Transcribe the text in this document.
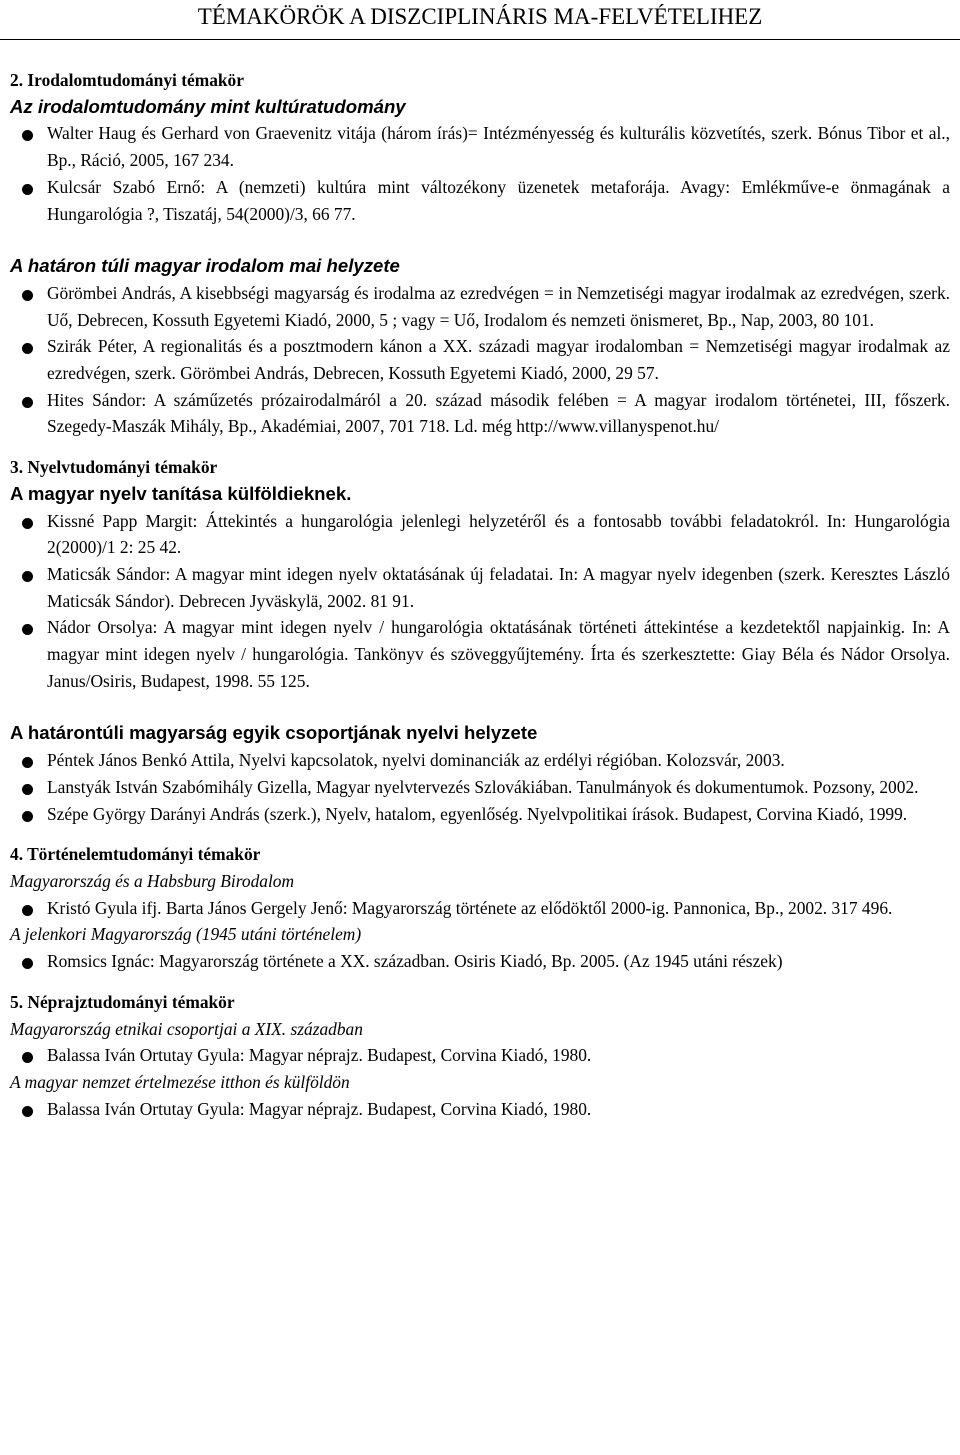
TÉMAKÖRÖK A DISZCIPLINÁRIS MA-FELVÉTELIHEZ

2. Irodalomtudományi témakör

Az irodalomtudomány mint kultúratudomány

Walter Haug és Gerhard von Graevenitz vitája (három írás)= Intézményesség és kulturális közvetítés, szerk. Bónus Tibor et al., Bp., Ráció, 2005, 167 234.

Kulcsár Szabó Ernő: A (nemzeti) kultúra mint változékony üzenetek metaforája. Avagy: Emlékműve-e önmagának a Hungarológia ?, Tiszatáj, 54(2000)/3, 66 77.

A határon túli magyar irodalom mai helyzete

Görömbei András, A kisebbségi magyarság és irodalma az ezredvégen = in Nemzetiségi magyar irodalmak az ezredvégen, szerk. Uő, Debrecen, Kossuth Egyetemi Kiadó, 2000, 5 ; vagy = Uő, Irodalom és nemzeti önismeret, Bp., Nap, 2003, 80 101.

Szirák Péter, A regionalitás és a posztmodern kánon a XX. századi magyar irodalomban = Nemzetiségi magyar irodalmak az ezredvégen, szerk. Görömbei András, Debrecen, Kossuth Egyetemi Kiadó, 2000, 29 57.

Hites Sándor: A száműzetés prózairodalmáról a 20. század második felében = A magyar irodalom történetei, III, főszerk. Szegedy-Maszák Mihály, Bp., Akadémiai, 2007, 701 718. Ld. még http://www.villanyspenot.hu/

3. Nyelvtudományi témakör

A magyar nyelv tanítása külföldieknek.

Kissné Papp Margit: Áttekintés a hungarológia jelenlegi helyzetéről és a fontosabb további feladatokról. In: Hungarológia 2(2000)/1 2: 25 42.

Maticsák Sándor: A magyar mint idegen nyelv oktatásának új feladatai. In: A magyar nyelv idegenben (szerk. Keresztes László Maticsák Sándor). Debrecen Jyväskylä, 2002. 81 91.

Nádor Orsolya: A magyar mint idegen nyelv / hungarológia oktatásának történeti áttekintése a kezdetektől napjainkig. In: A magyar mint idegen nyelv / hungarológia. Tankönyv és szöveggyűjtemény. Írta és szerkesztette: Giay Béla és Nádor Orsolya. Janus/Osiris, Budapest, 1998. 55 125.

A határontúli magyarság egyik csoportjának nyelvi helyzete

Péntek János Benkó Attila, Nyelvi kapcsolatok, nyelvi dominanciák az erdélyi régióban. Kolozsvár, 2003.

Lanstyák István Szabómihály Gizella, Magyar nyelvtervezés Szlovákiában. Tanulmányok és dokumentumok. Pozsony, 2002.

Szépe György Darányi András (szerk.), Nyelv, hatalom, egyenlőség. Nyelvpolitikai írások. Budapest, Corvina Kiadó, 1999.

4. Történelemtudományi témakör

Magyarország és a Habsburg Birodalom

Kristó Gyula ifj. Barta János Gergely Jenő: Magyarország története az elődöktől 2000-ig. Pannonica, Bp., 2002. 317 496.

A jelenkori Magyarország (1945 utáni történelem)

Romsics Ignác: Magyarország története a XX. században. Osiris Kiadó, Bp. 2005. (Az 1945 utáni részek)

5. Néprajztudományi témakör

Magyarország etnikai csoportjai a XIX. században

Balassa Iván Ortutay Gyula: Magyar néprajz. Budapest, Corvina Kiadó, 1980.

A magyar nemzet értelmezése itthon és külföldön

Balassa Iván Ortutay Gyula: Magyar néprajz. Budapest, Corvina Kiadó, 1980.
